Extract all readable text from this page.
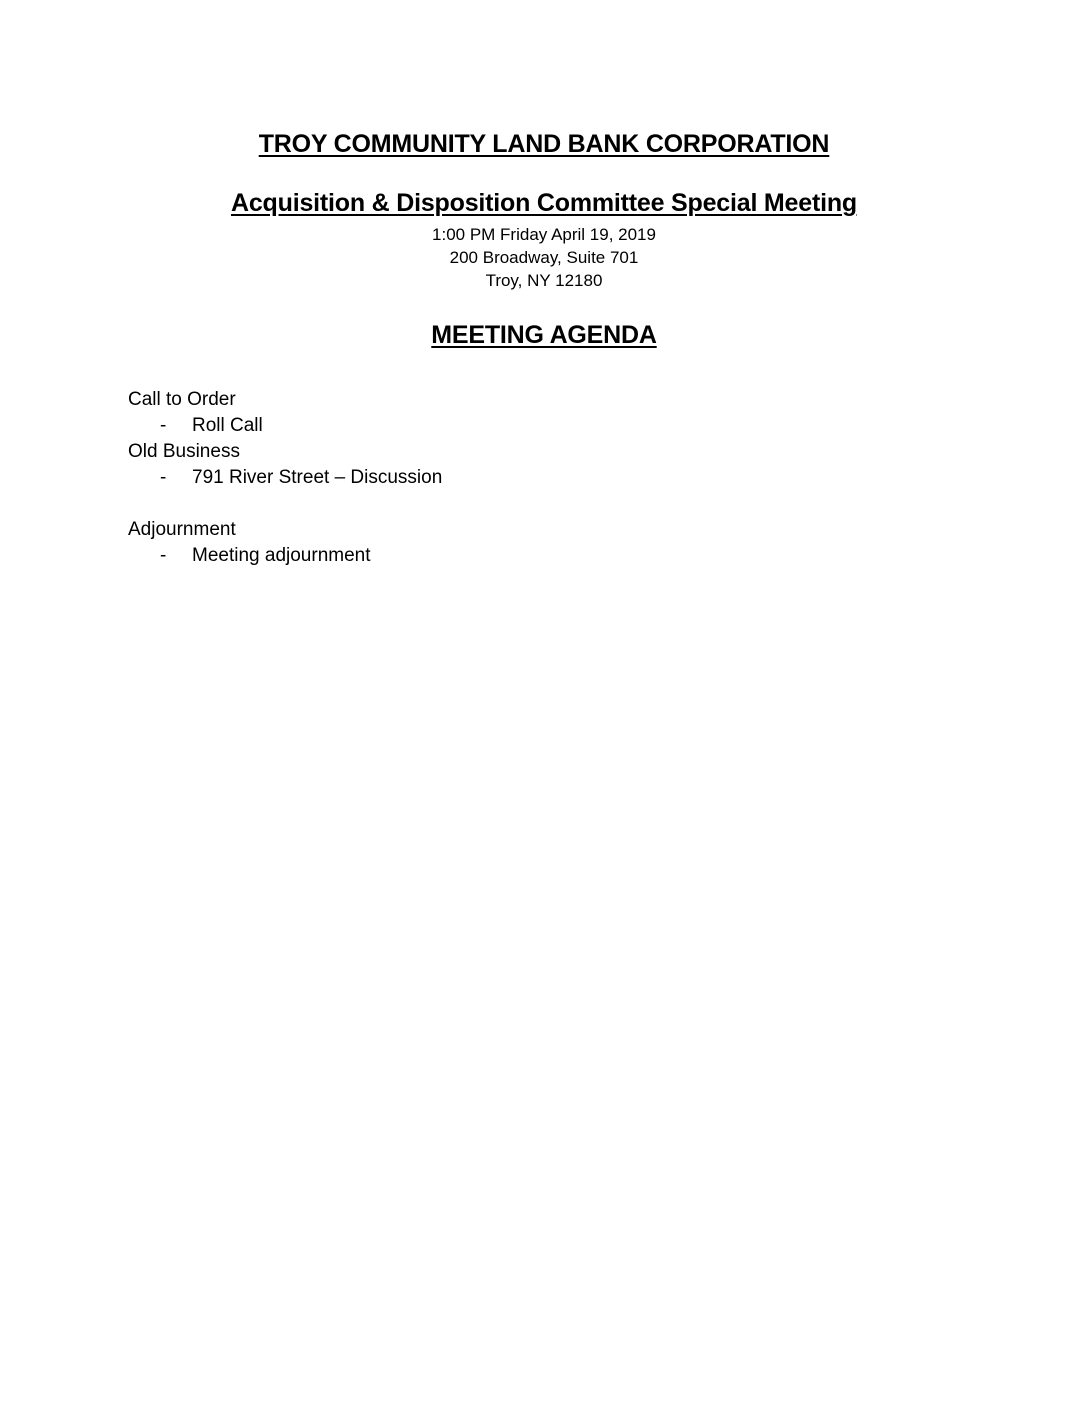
TROY COMMUNITY LAND BANK CORPORATION
Acquisition & Disposition Committee Special Meeting
1:00 PM Friday April 19, 2019
200 Broadway, Suite 701
Troy, NY 12180
MEETING AGENDA
Call to Order
- Roll Call
Old Business
- 791 River Street – Discussion
Adjournment
- Meeting adjournment
